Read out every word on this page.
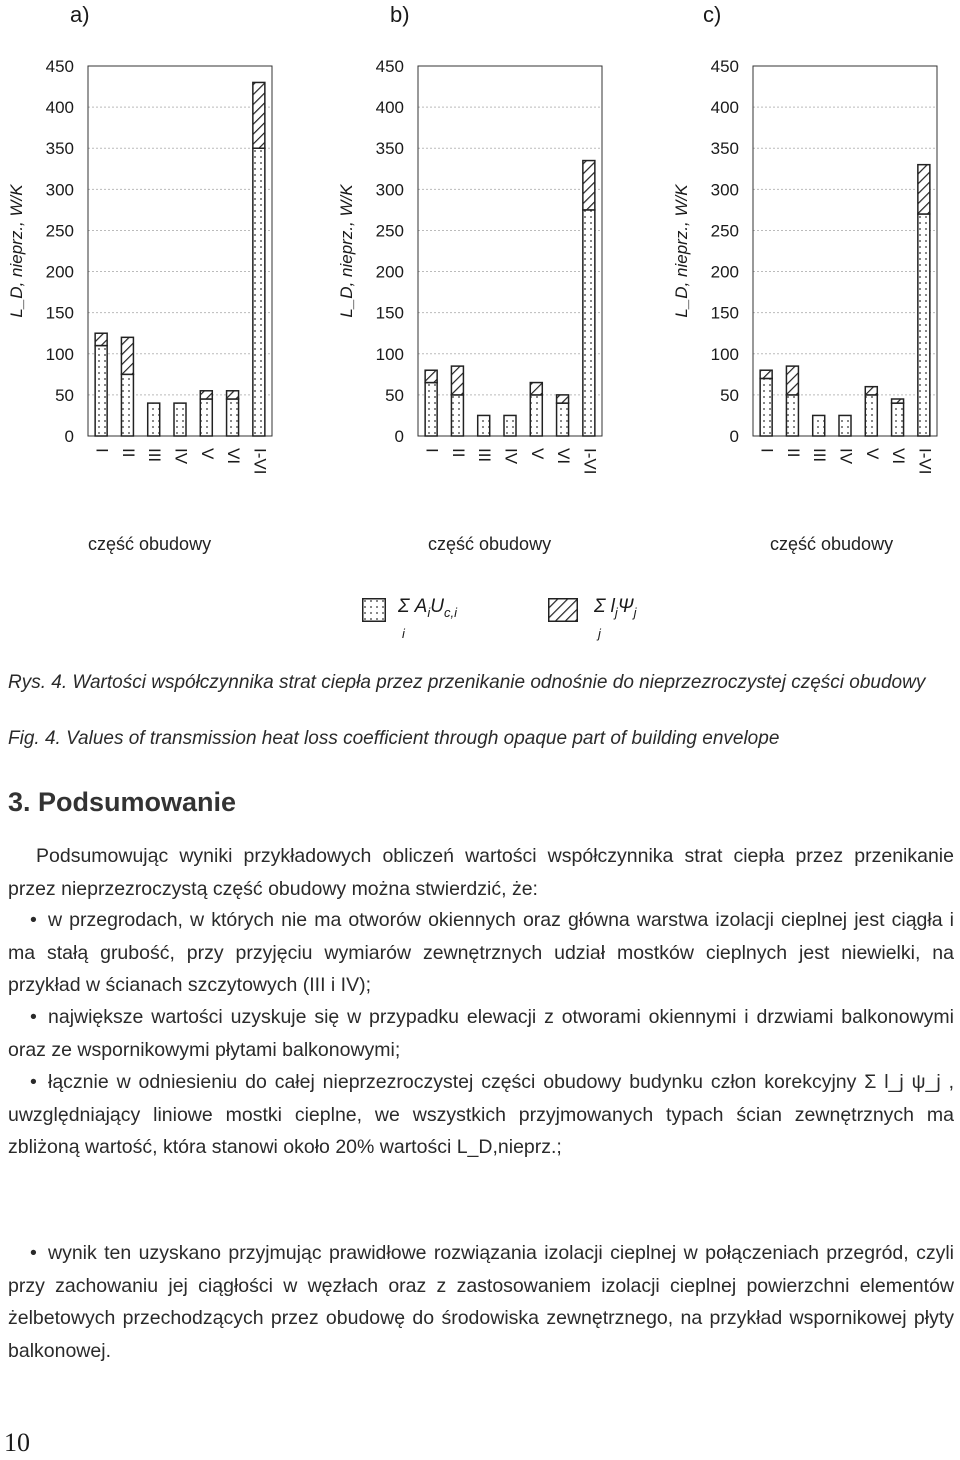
a)	b)	c)
0
50
100
150
200
250
300
350
400
450
L_D, nieprz., W/K
I II III IV V VI I-VI
0
50
100
150
200
250
300
350
400
450
L_D, nieprz., W/K
I II III IV V VI I-VI
0
50
100
150
200
250
300
350
400
450
L_D, nieprz., W/K
I II III IV V VI I-VI
część obudowy	część obudowy	część obudowy
Σ $A_iU_{c,i}$
i
Σ $l_j\Psi_j$
j
Rys. 4. Wartości współczynnika strat ciepła przez przenikanie odnośnie do nieprzezroczystej części obudowy
Fig. 4. Values of transmission heat loss coefficient through opaque part of building envelope
3. Podsumowanie
Podsumowując wyniki przykładowych obliczeń wartości współczynnika strat ciepła przez przenikanie przez nieprzezroczystą część obudowy można stwierdzić, że:
• w przegrodach, w których nie ma otworów okiennych oraz główna warstwa izolacji cieplnej jest ciągła i ma stałą grubość, przy przyjęciu wymiarów zewnętrznych udział mostków cieplnych jest niewielki, na przykład w ścianach szczytowych (III i IV);
• największe wartości uzyskuje się w przypadku elewacji z otworami okiennymi i drzwiami balkonowymi oraz ze wspornikowymi płytami balkonowymi;
• łącznie w odniesieniu do całej nieprzezroczystej części obudowy budynku człon korekcyjny Σ l_j ψ_j , uwzględniający liniowe mostki cieplne, we wszystkich przyjmowanych typach ścian zewnętrznych ma zbliżoną wartość, która stanowi około 20% wartości L_D,nieprz.;
• wynik ten uzyskano przyjmując prawidłowe rozwiązania izolacji cieplnej w połączeniach przegród, czyli przy zachowaniu jej ciągłości w węzłach oraz z zastosowaniem izolacji cieplnej powierzchni elementów żelbetowych przechodzących przez obudowę do środowiska zewnętrznego, na przykład wspornikowej płyty balkonowej.
10
